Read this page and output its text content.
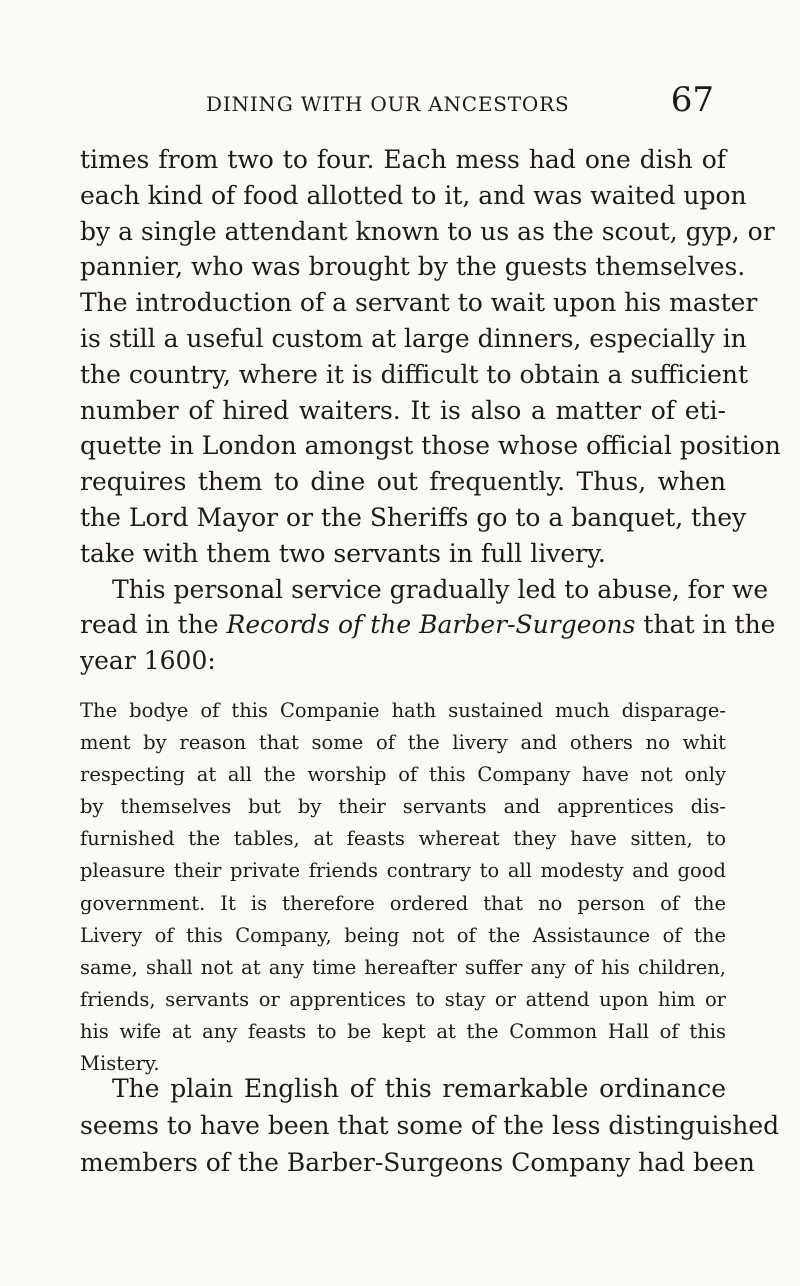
DINING WITH OUR ANCESTORS	67
times from two to four. Each mess had one dish of
each kind of food allotted to it, and was waited upon
by a single attendant known to us as the scout, gyp, or
pannier, who was brought by the guests themselves.
The introduction of a servant to wait upon his master
is still a useful custom at large dinners, especially in
the country, where it is difficult to obtain a sufficient
number of hired waiters. It is also a matter of eti-
quette in London amongst those whose official position
requires them to dine out frequently. Thus, when
the Lord Mayor or the Sheriffs go to a banquet, they
take with them two servants in full livery.
This personal service gradually led to abuse, for we
read in the Records of the Barber-Surgeons that in the
year 1600:
The bodye of this Companie hath sustained much disparage-
ment by reason that some of the livery and others no whit
respecting at all the worship of this Company have not only
by themselves but by their servants and apprentices dis-
furnished the tables, at feasts whereat they have sitten, to
pleasure their private friends contrary to all modesty and good
government. It is therefore ordered that no person of the
Livery of this Company, being not of the Assistaunce of the
same, shall not at any time hereafter suffer any of his children,
friends, servants or apprentices to stay or attend upon him or
his wife at any feasts to be kept at the Common Hall of this
Mistery.
The plain English of this remarkable ordinance
seems to have been that some of the less distinguished
members of the Barber-Surgeons Company had been
